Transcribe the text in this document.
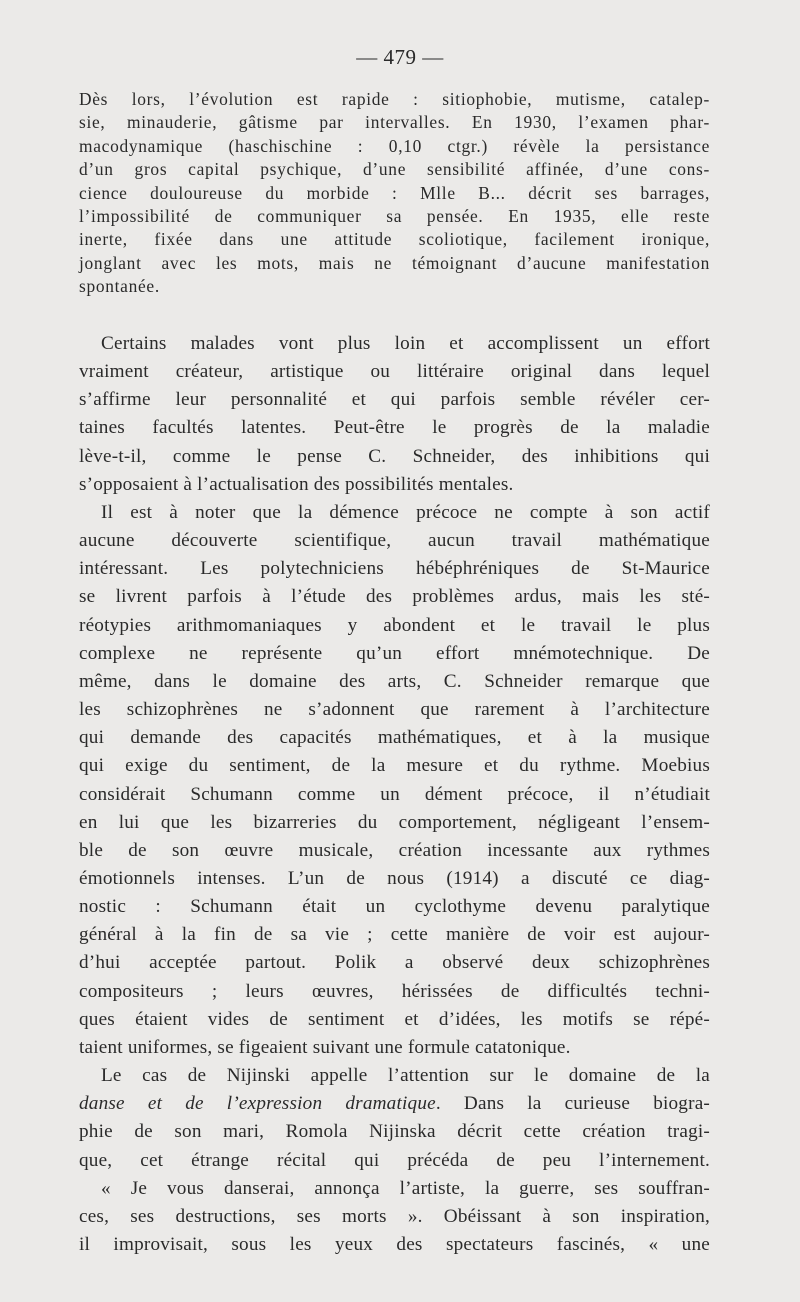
— 479 —

Dès lors, l’évolution est rapide : sitiophobie, mutisme, catalep-
sie, minauderie, gâtisme par intervalles. En 1930, l’examen phar-
macodynamique (haschischine : 0,10 ctgr.) révèle la persistance
d’un gros capital psychique, d’une sensibilité affinée, d’une cons-
cience douloureuse du morbide : Mlle B... décrit ses barrages,
l’impossibilité de communiquer sa pensée. En 1935, elle reste
inerte, fixée dans une attitude scoliotique, facilement ironique,
jonglant avec les mots, mais ne témoignant d’aucune manifestation
spontanée.

Certains malades vont plus loin et accomplissent un effort
vraiment créateur, artistique ou littéraire original dans lequel
s’affirme leur personnalité et qui parfois semble révéler cer-
taines facultés latentes. Peut-être le progrès de la maladie
lève-t-il, comme le pense C. Schneider, des inhibitions qui
s’opposaient à l’actualisation des possibilités mentales.
Il est à noter que la démence précoce ne compte à son actif
aucune découverte scientifique, aucun travail mathématique
intéressant. Les polytechniciens hébéphréniques de St-Maurice
se livrent parfois à l’étude des problèmes ardus, mais les sté-
réotypies arithmomaniaques y abondent et le travail le plus
complexe ne représente qu’un effort mnémotechnique. De
même, dans le domaine des arts, C. Schneider remarque que
les schizophrènes ne s’adonnent que rarement à l’architecture
qui demande des capacités mathématiques, et à la musique
qui exige du sentiment, de la mesure et du rythme. Moebius
considérait Schumann comme un dément précoce, il n’étudiait
en lui que les bizarreries du comportement, négligeant l’ensem-
ble de son œuvre musicale, création incessante aux rythmes
émotionnels intenses. L’un de nous (1914) a discuté ce diag-
nostic : Schumann était un cyclothyme devenu paralytique
général à la fin de sa vie ; cette manière de voir est aujour-
d’hui acceptée partout. Polik a observé deux schizophrènes
compositeurs ; leurs œuvres, hérissées de difficultés techni-
ques étaient vides de sentiment et d’idées, les motifs se répé-
taient uniformes, se figeaient suivant une formule catatonique.
Le cas de Nijinski appelle l’attention sur le domaine de la
danse et de l’expression dramatique. Dans la curieuse biogra-
phie de son mari, Romola Nijinska décrit cette création tragi-
que, cet étrange récital qui précéda de peu l’internement.
« Je vous danserai, annonça l’artiste, la guerre, ses souffran-
ces, ses destructions, ses morts ». Obéissant à son inspiration,
il improvisait, sous les yeux des spectateurs fascinés, « une
